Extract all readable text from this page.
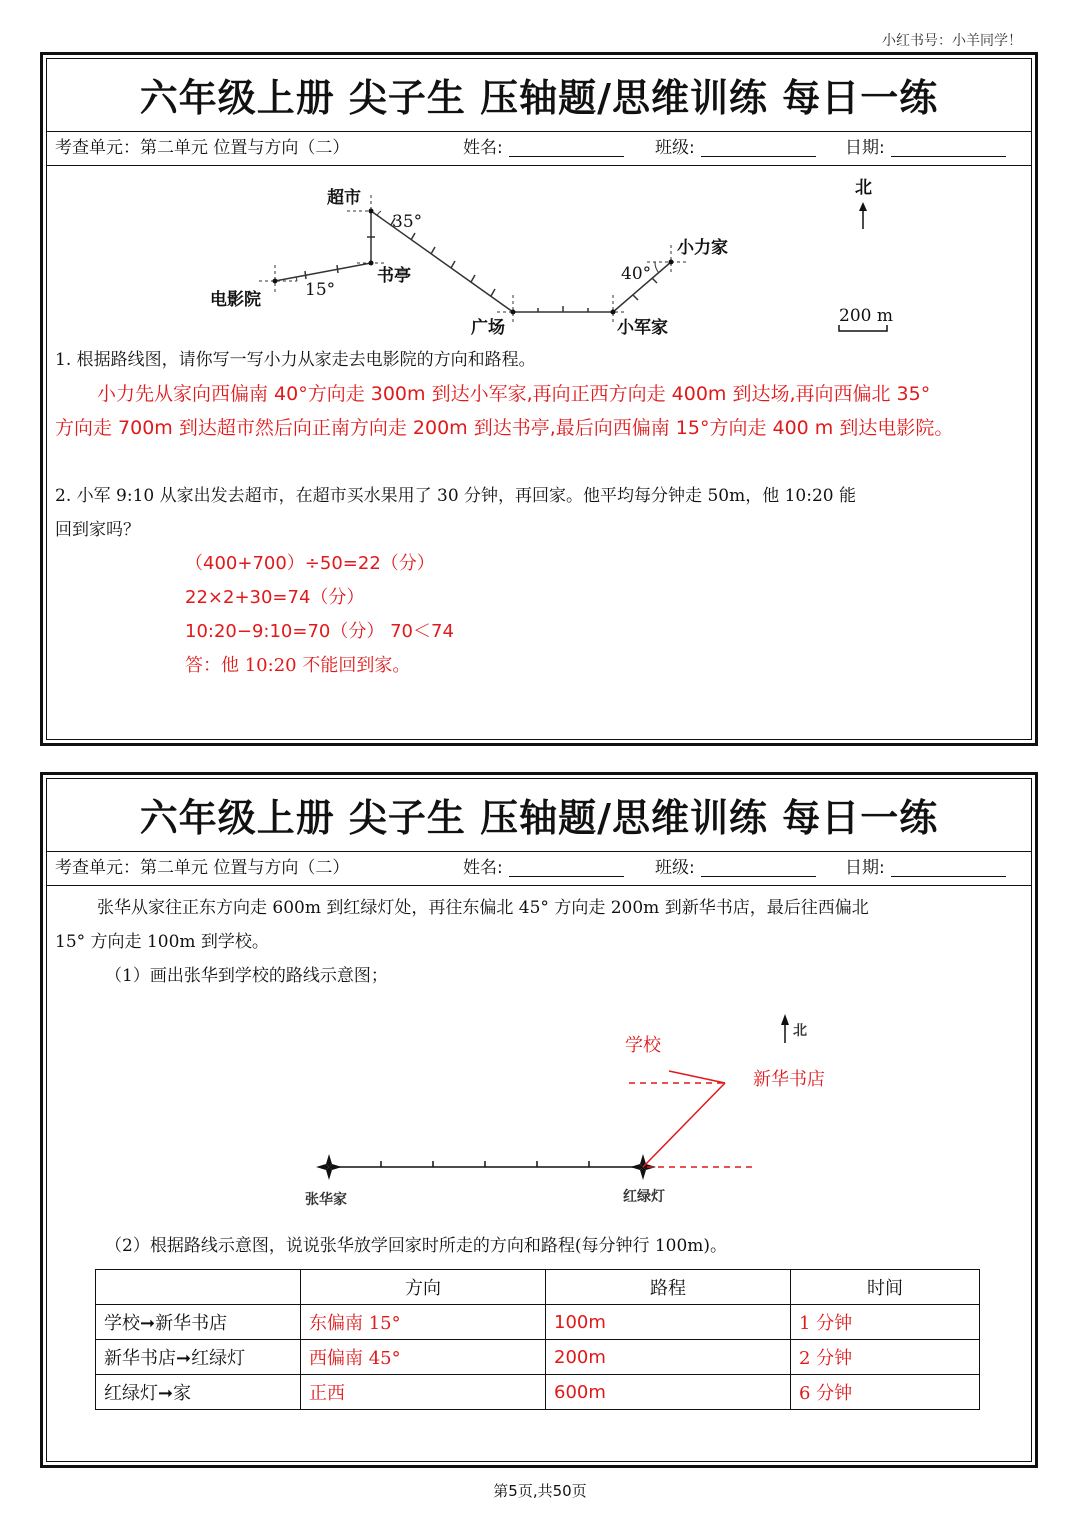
小红书号：小羊同学！
六年级上册 尖子生 压轴题/思维训练 每日一练
考查单元：第二单元 位置与方向（二）	姓名:	班级:	日期:
超市
35°
书亭
电影院	15°
广场	小军家
小力家
40°
北
200 m
1. 根据路线图，请你写一写小力从家走去电影院的方向和路程。
小力先从家向西偏南 40°方向走 300m 到达小军家,再向正西方向走 400m 到达场,再向西偏北 35°
方向走 700m 到达超市然后向正南方向走 200m 到达书亭,最后向西偏南 15°方向走 400 m 到达电影院。
2. 小军 9:10 从家出发去超市，在超市买水果用了 30 分钟，再回家。他平均每分钟走 50m，他 10:20 能
回到家吗？
（400+700）÷50=22（分）
22×2+30=74（分）
10:20−9:10=70（分） 70＜74
答：他 10:20 不能回到家。
六年级上册 尖子生 压轴题/思维训练 每日一练
考查单元：第二单元 位置与方向（二）	姓名:	班级:	日期:
张华从家往正东方向走 600m 到红绿灯处，再往东偏北 45° 方向走 200m 到新华书店，最后往西偏北
15° 方向走 100m 到学校。
（1）画出张华到学校的路线示意图；
学校
新华书店
张华家	红绿灯
北
（2）根据路线示意图，说说张华放学回家时所走的方向和路程(每分钟行 100m)。
	方向	路程	时间
学校➞新华书店	东偏南 15°	100m	1 分钟
新华书店➞红绿灯	西偏南 45°	200m	2 分钟
红绿灯➞家	正西	600m	6 分钟
第5页,共50页
